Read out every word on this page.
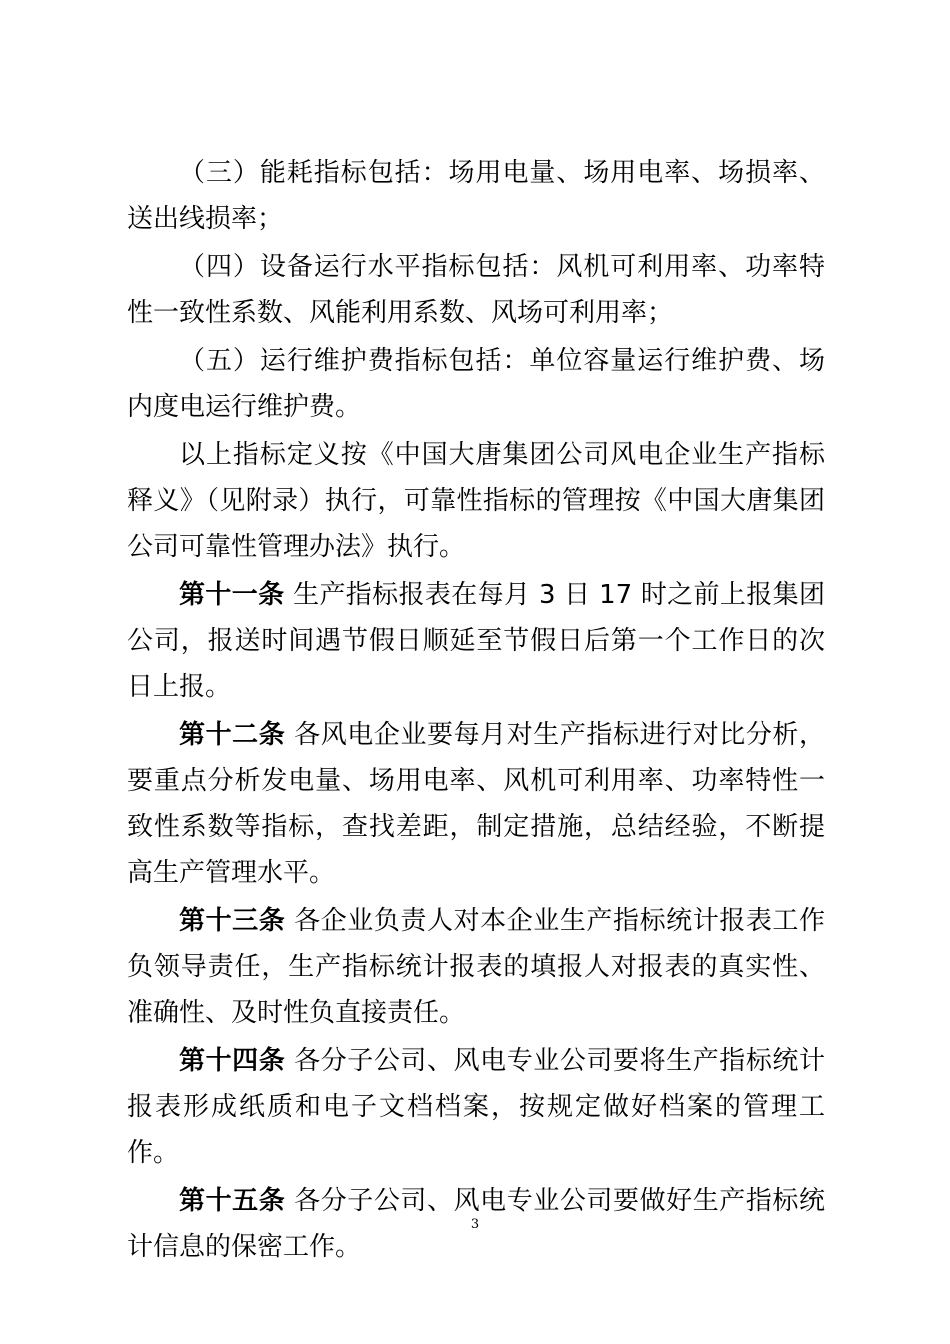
（三）能耗指标包括：场用电量、场用电率、场损率、送出线损率；

（四）设备运行水平指标包括：风机可利用率、功率特性一致性系数、风能利用系数、风场可利用率；

（五）运行维护费指标包括：单位容量运行维护费、场内度电运行维护费。

以上指标定义按《中国大唐集团公司风电企业生产指标释义》（见附录）执行，可靠性指标的管理按《中国大唐集团公司可靠性管理办法》执行。

第十一条 生产指标报表在每月 3 日 17 时之前上报集团公司，报送时间遇节假日顺延至节假日后第一个工作日的次日上报。

第十二条 各风电企业要每月对生产指标进行对比分析，要重点分析发电量、场用电率、风机可利用率、功率特性一致性系数等指标，查找差距，制定措施，总结经验，不断提高生产管理水平。

第十三条 各企业负责人对本企业生产指标统计报表工作负领导责任，生产指标统计报表的填报人对报表的真实性、准确性、及时性负直接责任。

第十四条 各分子公司、风电专业公司要将生产指标统计报表形成纸质和电子文档档案，按规定做好档案的管理工作。

第十五条 各分子公司、风电专业公司要做好生产指标统计信息的保密工作。

3
